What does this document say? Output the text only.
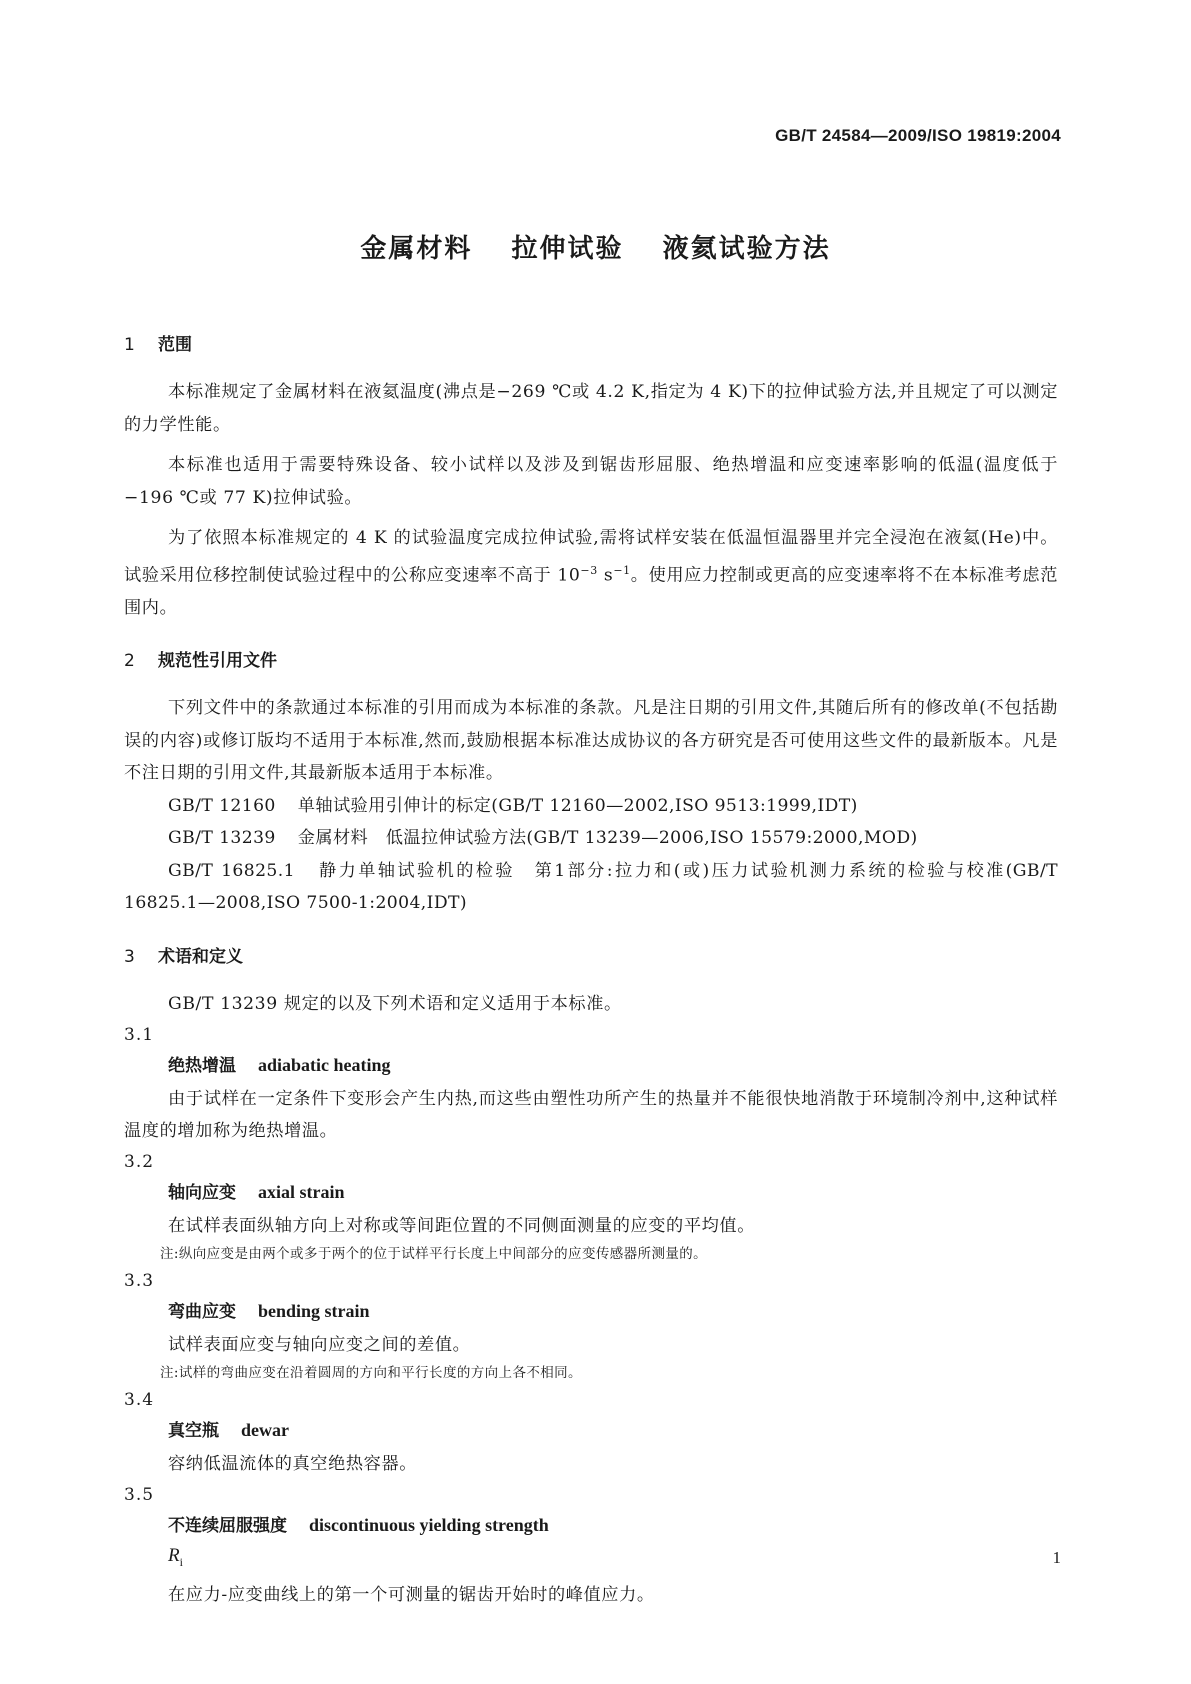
GB/T 24584—2009/ISO 19819:2004
金属材料 拉伸试验 液氦试验方法
1 范围

本标准规定了金属材料在液氦温度(沸点是−269 ℃或 4.2 K,指定为 4 K)下的拉伸试验方法,并且规定了可以测定的力学性能。

本标准也适用于需要特殊设备、较小试样以及涉及到锯齿形屈服、绝热增温和应变速率影响的低温(温度低于−196 ℃或 77 K)拉伸试验。

为了依照本标准规定的 4 K 的试验温度完成拉伸试验,需将试样安装在低温恒温器里并完全浸泡在液氦(He)中。试验采用位移控制使试验过程中的公称应变速率不高于 $10^{-3}$ $s^{-1}$。使用应力控制或更高的应变速率将不在本标准考虑范围内。

2 规范性引用文件

下列文件中的条款通过本标准的引用而成为本标准的条款。凡是注日期的引用文件,其随后所有的修改单(不包括勘误的内容)或修订版均不适用于本标准,然而,鼓励根据本标准达成协议的各方研究是否可使用这些文件的最新版本。凡是不注日期的引用文件,其最新版本适用于本标准。

GB/T 12160 单轴试验用引伸计的标定(GB/T 12160—2002,ISO 9513:1999,IDT)

GB/T 13239 金属材料　低温拉伸试验方法(GB/T 13239—2006,ISO 15579:2000,MOD)

GB/T 16825.1 静力单轴试验机的检验　第1部分:拉力和(或)压力试验机测力系统的检验与校准(GB/T 16825.1—2008,ISO 7500-1:2004,IDT)

3 术语和定义

GB/T 13239 规定的以及下列术语和定义适用于本标准。

3.1

绝热增温 adiabatic heating

由于试样在一定条件下变形会产生内热,而这些由塑性功所产生的热量并不能很快地消散于环境制冷剂中,这种试样温度的增加称为绝热增温。

3.2

轴向应变 axial strain

在试样表面纵轴方向上对称或等间距位置的不同侧面测量的应变的平均值。

注:纵向应变是由两个或多于两个的位于试样平行长度上中间部分的应变传感器所测量的。

3.3

弯曲应变 bending strain

试样表面应变与轴向应变之间的差值。

注:试样的弯曲应变在沿着圆周的方向和平行长度的方向上各不相同。

3.4

真空瓶 dewar

容纳低温流体的真空绝热容器。

3.5

不连续屈服强度 discontinuous yielding strength

$R_i$

在应力-应变曲线上的第一个可测量的锯齿开始时的峰值应力。

1
